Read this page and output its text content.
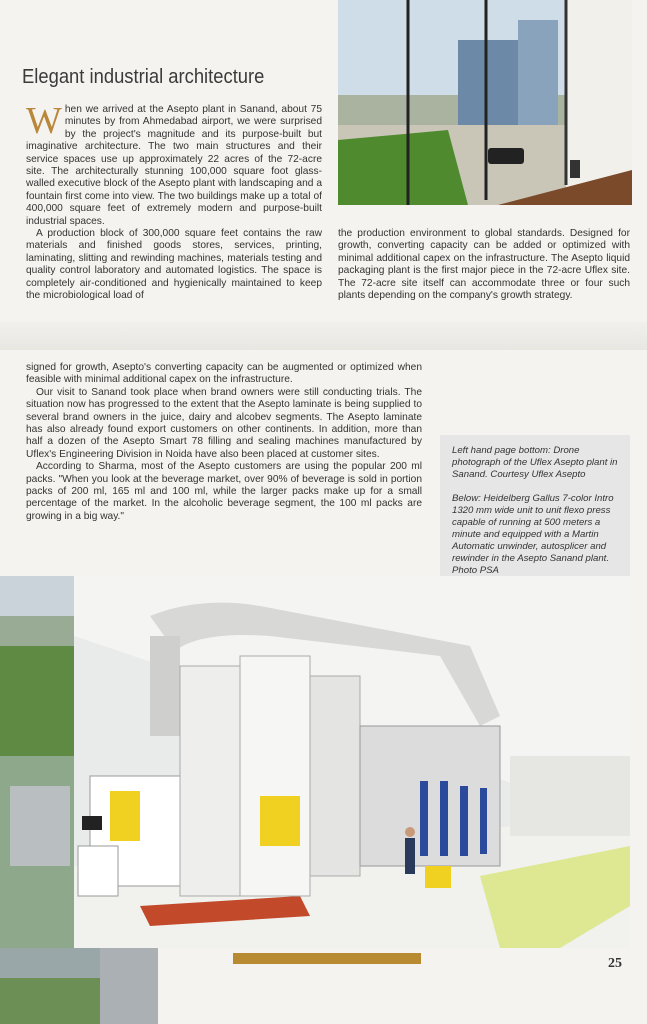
Elegant industrial architecture

When we arrived at the Asepto plant in Sanand, about 75 minutes by from Ahmedabad airport, we were surprised by the project's magnitude and its purpose-built but imaginative architecture. The two main structures and their service spaces use up approximately 22 acres of the 72-acre site. The architecturally stunning 100,000 square foot glass-walled executive block of the Asepto plant with landscaping and a fountain first come into view. The two buildings make up a total of 400,000 square feet of extremely modern and purpose-built industrial spaces.

A production block of 300,000 square feet contains the raw materials and finished goods stores, services, printing, laminating, slitting and rewinding machines, materials testing and quality control laboratory and automated logistics. The space is completely air-conditioned and hygienically maintained to keep the microbiological load of

the production environment to global standards. Designed for growth, converting capacity can be added or optimized with minimal additional capex on the infrastructure. The Asepto liquid packaging plant is the first major piece in the 72-acre Uflex site. The 72-acre site itself can accommodate three or four such plants depending on the company's growth strategy.

signed for growth, Asepto's converting capacity can be augmented or optimized when feasible with minimal additional capex on the infrastructure.

Our visit to Sanand took place when brand owners were still conducting trials. The situation now has progressed to the extent that the Asepto laminate is being supplied to several brand owners in the juice, dairy and alcobev segments. The Asepto laminate has also already found export customers on other continents. In addition, more than half a dozen of the Asepto Smart 78 filling and sealing machines manufactured by Uflex's Engineering Division in Noida have also been placed at customer sites.

According to Sharma, most of the Asepto customers are using the popular 200 ml packs. "When you look at the beverage market, over 90% of beverage is sold in portion packs of 200 ml, 165 ml and 100 ml, while the larger packs make up for a small percentage of the market. In the alcoholic beverage segment, the 100 ml packs are growing in a big way."

Left hand page bottom: Drone photograph of the Uflex Asepto plant in Sanand. Courtesy Uflex Asepto

Below: Heidelberg Gallus 7-color Intro 1320 mm wide unit to unit flexo press capable of running at 500 meters a minute and equipped with a Martin Automatic unwinder, autosplicer and rewinder in the Asepto Sanand plant. Photo PSA

25
